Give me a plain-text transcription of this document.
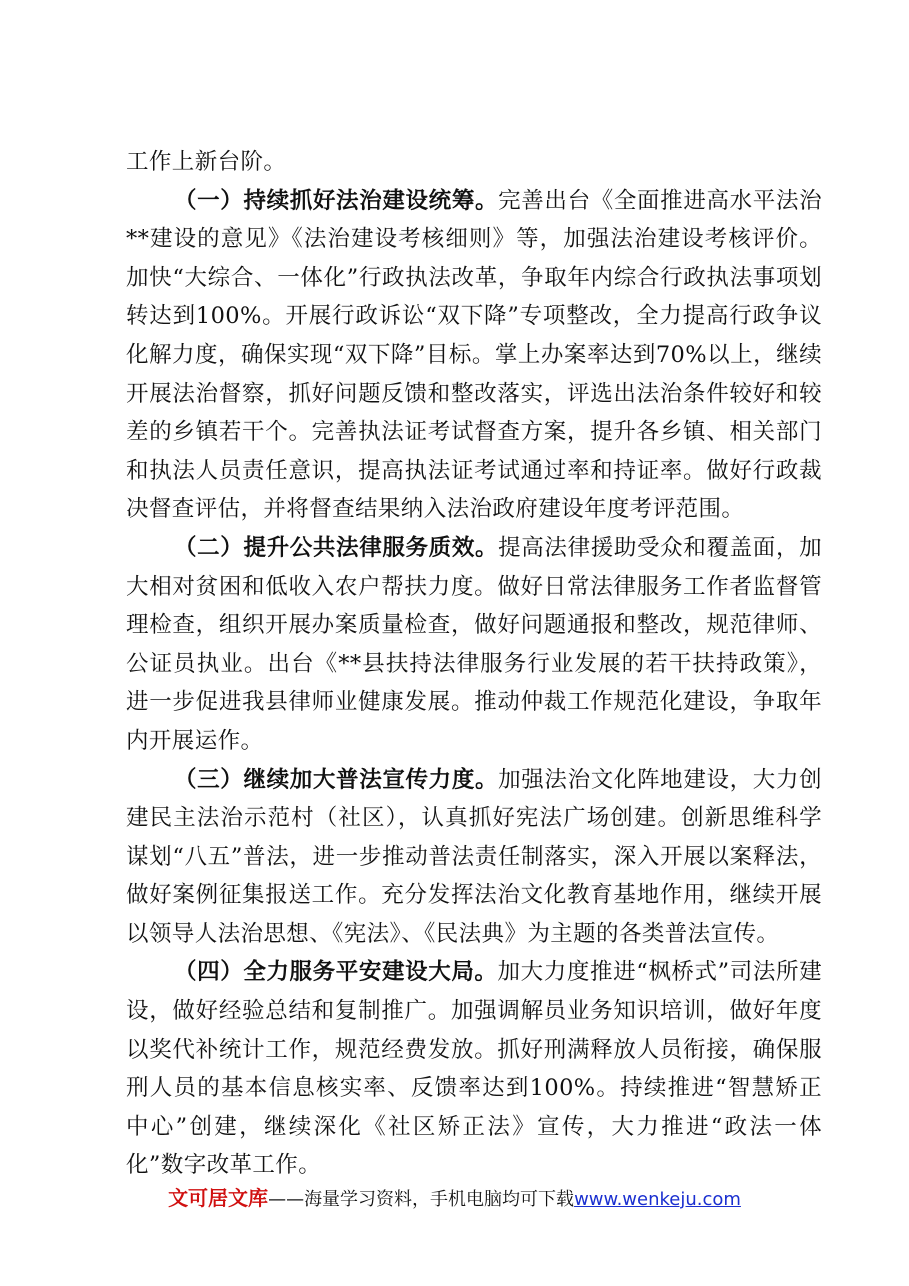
工作上新台阶。

（一）持续抓好法治建设统筹。完善出台《全面推进高水平法治**建设的意见》《法治建设考核细则》等，加强法治建设考核评价。加快“大综合、一体化”行政执法改革，争取年内综合行政执法事项划转达到100%。开展行政诉讼“双下降”专项整改，全力提高行政争议化解力度，确保实现“双下降”目标。掌上办案率达到70%以上，继续开展法治督察，抓好问题反馈和整改落实，评选出法治条件较好和较差的乡镇若干个。完善执法证考试督查方案，提升各乡镇、相关部门和执法人员责任意识，提高执法证考试通过率和持证率。做好行政裁决督查评估，并将督查结果纳入法治政府建设年度考评范围。

（二）提升公共法律服务质效。提高法律援助受众和覆盖面，加大相对贫困和低收入农户帮扶力度。做好日常法律服务工作者监督管理检查，组织开展办案质量检查，做好问题通报和整改，规范律师、公证员执业。出台《**县扶持法律服务行业发展的若干扶持政策》，进一步促进我县律师业健康发展。推动仲裁工作规范化建设，争取年内开展运作。

（三）继续加大普法宣传力度。加强法治文化阵地建设，大力创建民主法治示范村（社区），认真抓好宪法广场创建。创新思维科学谋划“八五”普法，进一步推动普法责任制落实，深入开展以案释法，做好案例征集报送工作。充分发挥法治文化教育基地作用，继续开展以领导人法治思想、《宪法》、《民法典》为主题的各类普法宣传。

（四）全力服务平安建设大局。加大力度推进“枫桥式”司法所建设，做好经验总结和复制推广。加强调解员业务知识培训，做好年度以奖代补统计工作，规范经费发放。抓好刑满释放人员衔接，确保服刑人员的基本信息核实率、反馈率达到100%。持续推进“智慧矫正中心”创建，继续深化《社区矫正法》宣传，大力推进“政法一体化”数字改革工作。

文可居文库——海量学习资料，手机电脑均可下载www.wenkeju.com
